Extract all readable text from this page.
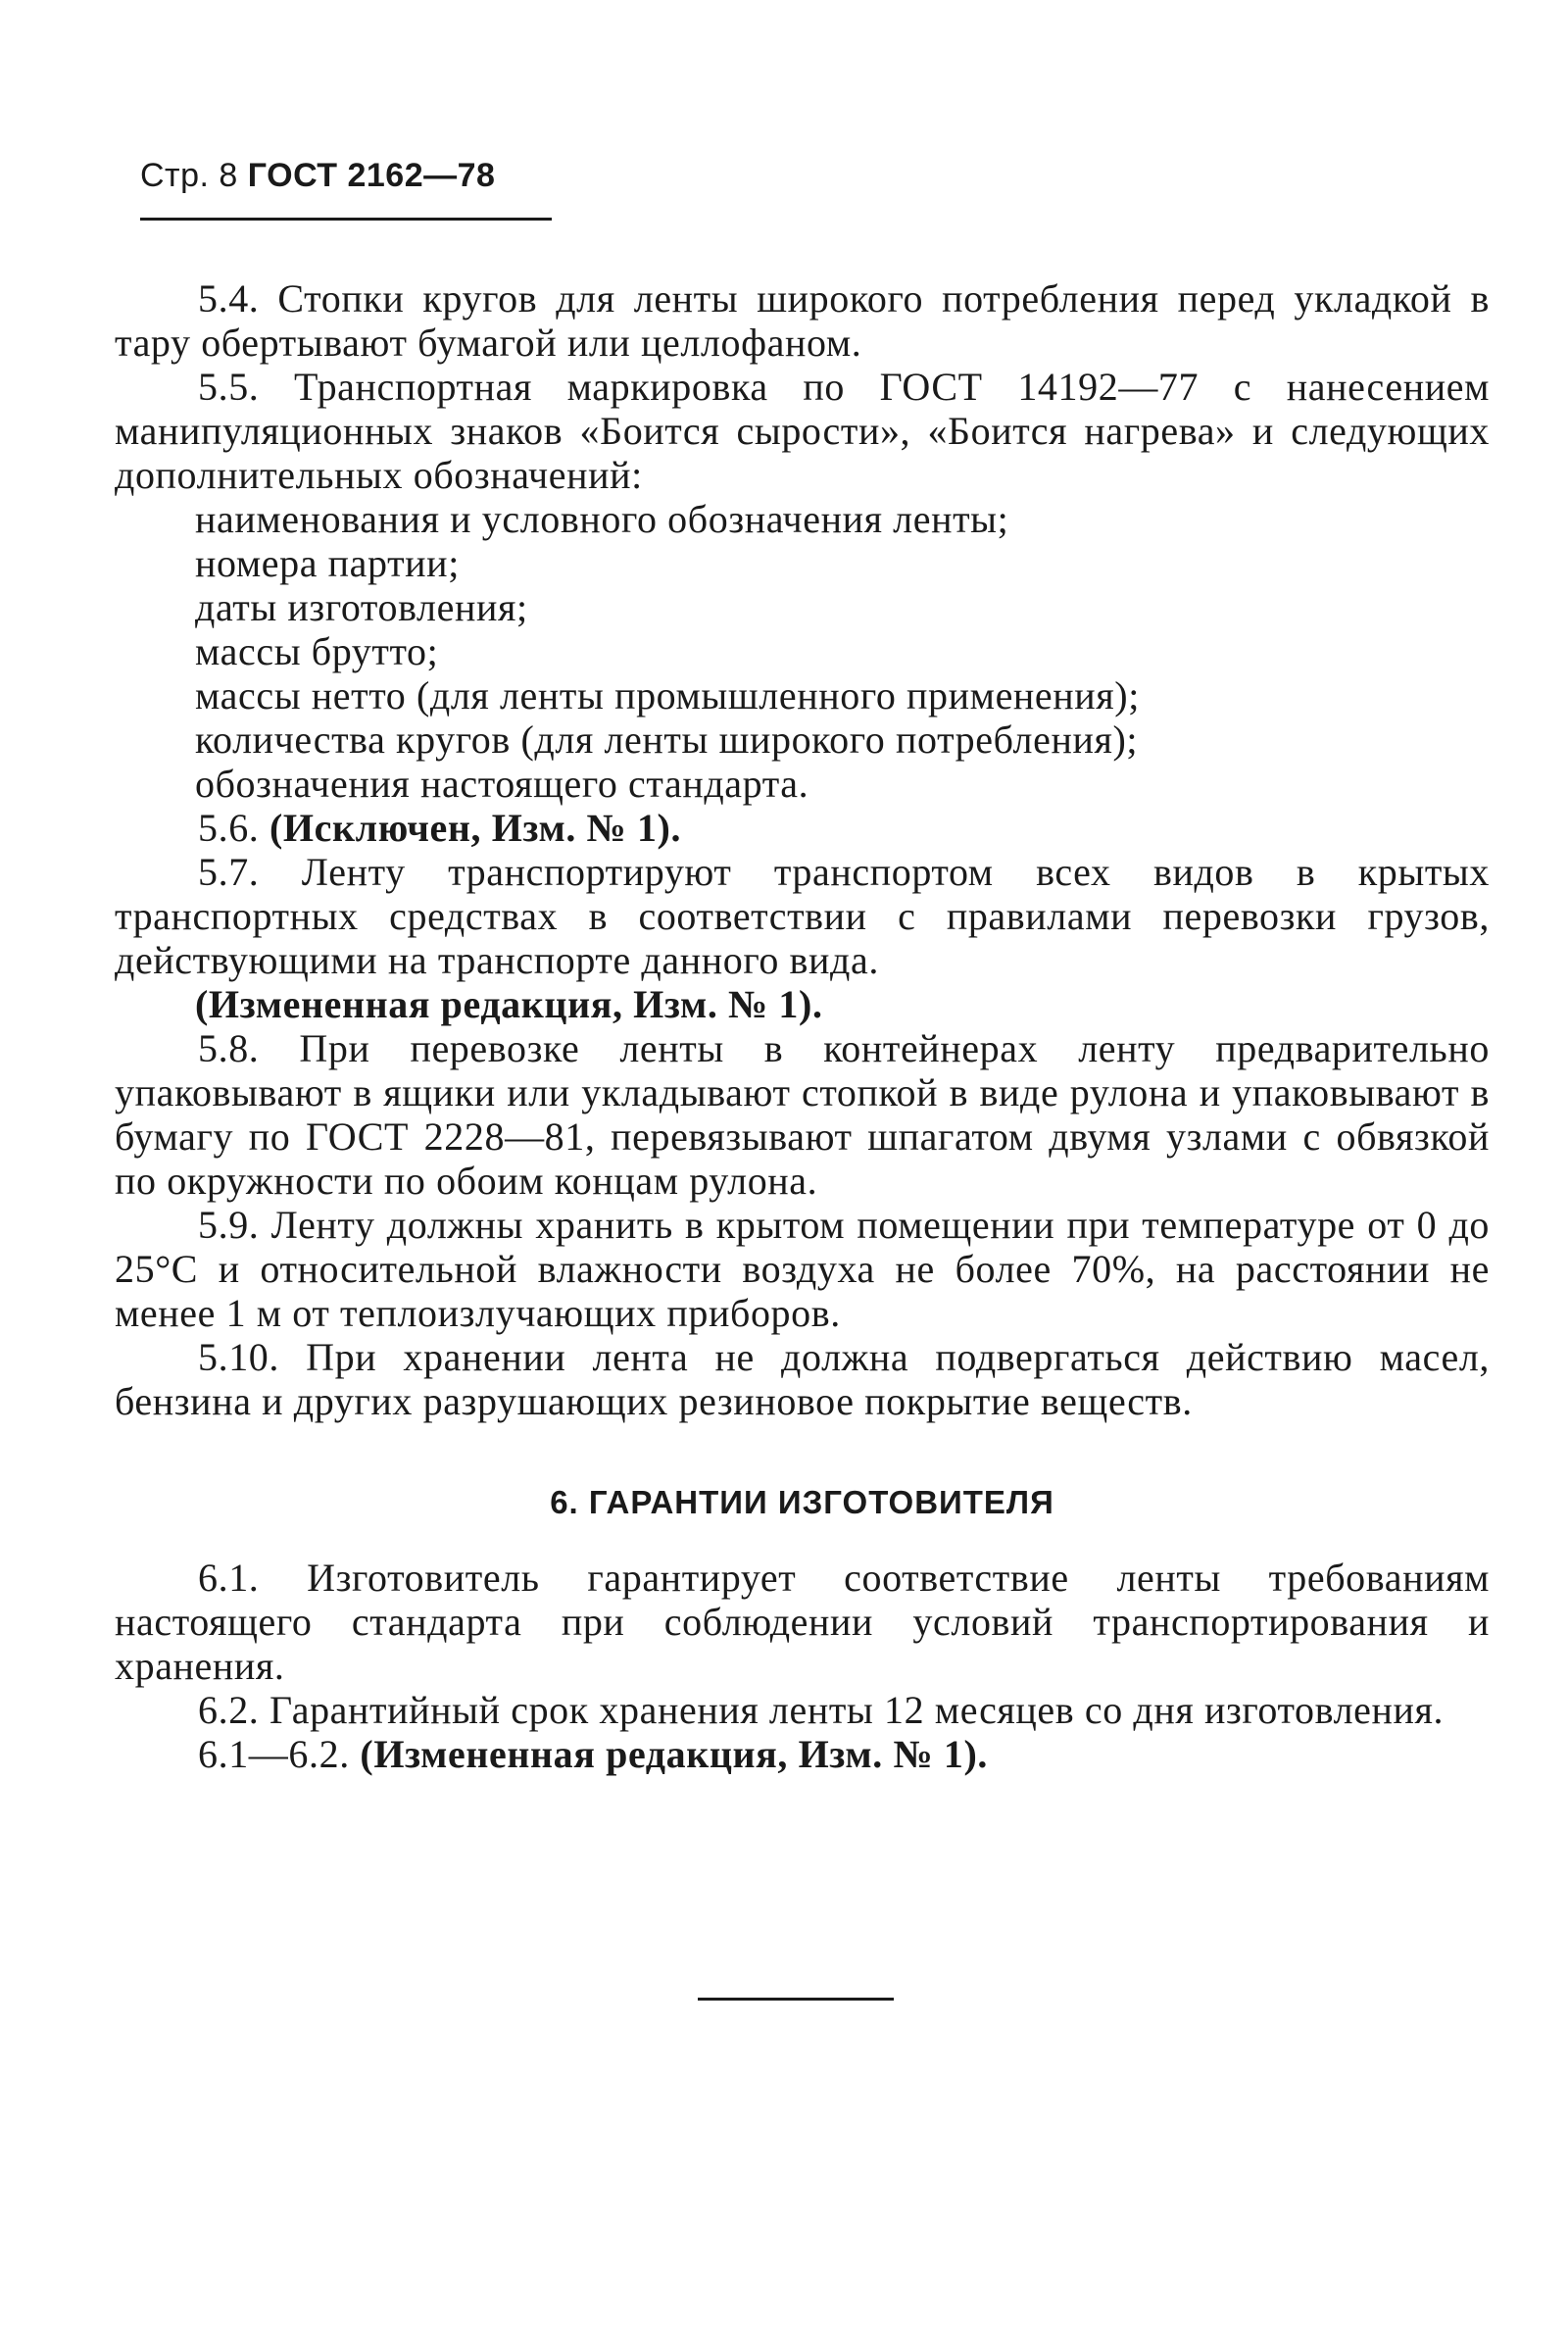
Стр. 8 ГОСТ 2162—78

5.4. Стопки кругов для ленты широкого потребления перед укладкой в тару обертывают бумагой или целлофаном.

5.5. Транспортная маркировка по ГОСТ 14192—77 с нанесением манипуляционных знаков «Боится сырости», «Боится нагрева» и следующих дополнительных обозначений:

наименования и условного обозначения ленты;

номера партии;

даты изготовления;

массы брутто;

массы нетто (для ленты промышленного применения);

количества кругов (для ленты широкого потребления);

обозначения настоящего стандарта.

5.6. (Исключен, Изм. № 1).

5.7. Ленту транспортируют транспортом всех видов в крытых транспортных средствах в соответствии с правилами перевозки грузов, действующими на транспорте данного вида.

(Измененная редакция, Изм. № 1).

5.8. При перевозке ленты в контейнерах ленту предварительно упаковывают в ящики или укладывают стопкой в виде рулона и упаковывают в бумагу по ГОСТ 2228—81, перевязывают шпагатом двумя узлами с обвязкой по окружности по обоим концам рулона.

5.9. Ленту должны хранить в крытом помещении при температуре от 0 до 25°С и относительной влажности воздуха не более 70%, на расстоянии не менее 1 м от теплоизлучающих приборов.

5.10. При хранении лента не должна подвергаться действию масел, бензина и других разрушающих резиновое покрытие веществ.

6. ГАРАНТИИ ИЗГОТОВИТЕЛЯ

6.1. Изготовитель гарантирует соответствие ленты требованиям настоящего стандарта при соблюдении условий транспортирования и хранения.

6.2. Гарантийный срок хранения ленты 12 месяцев со дня изготовления.

6.1—6.2. (Измененная редакция, Изм. № 1).
